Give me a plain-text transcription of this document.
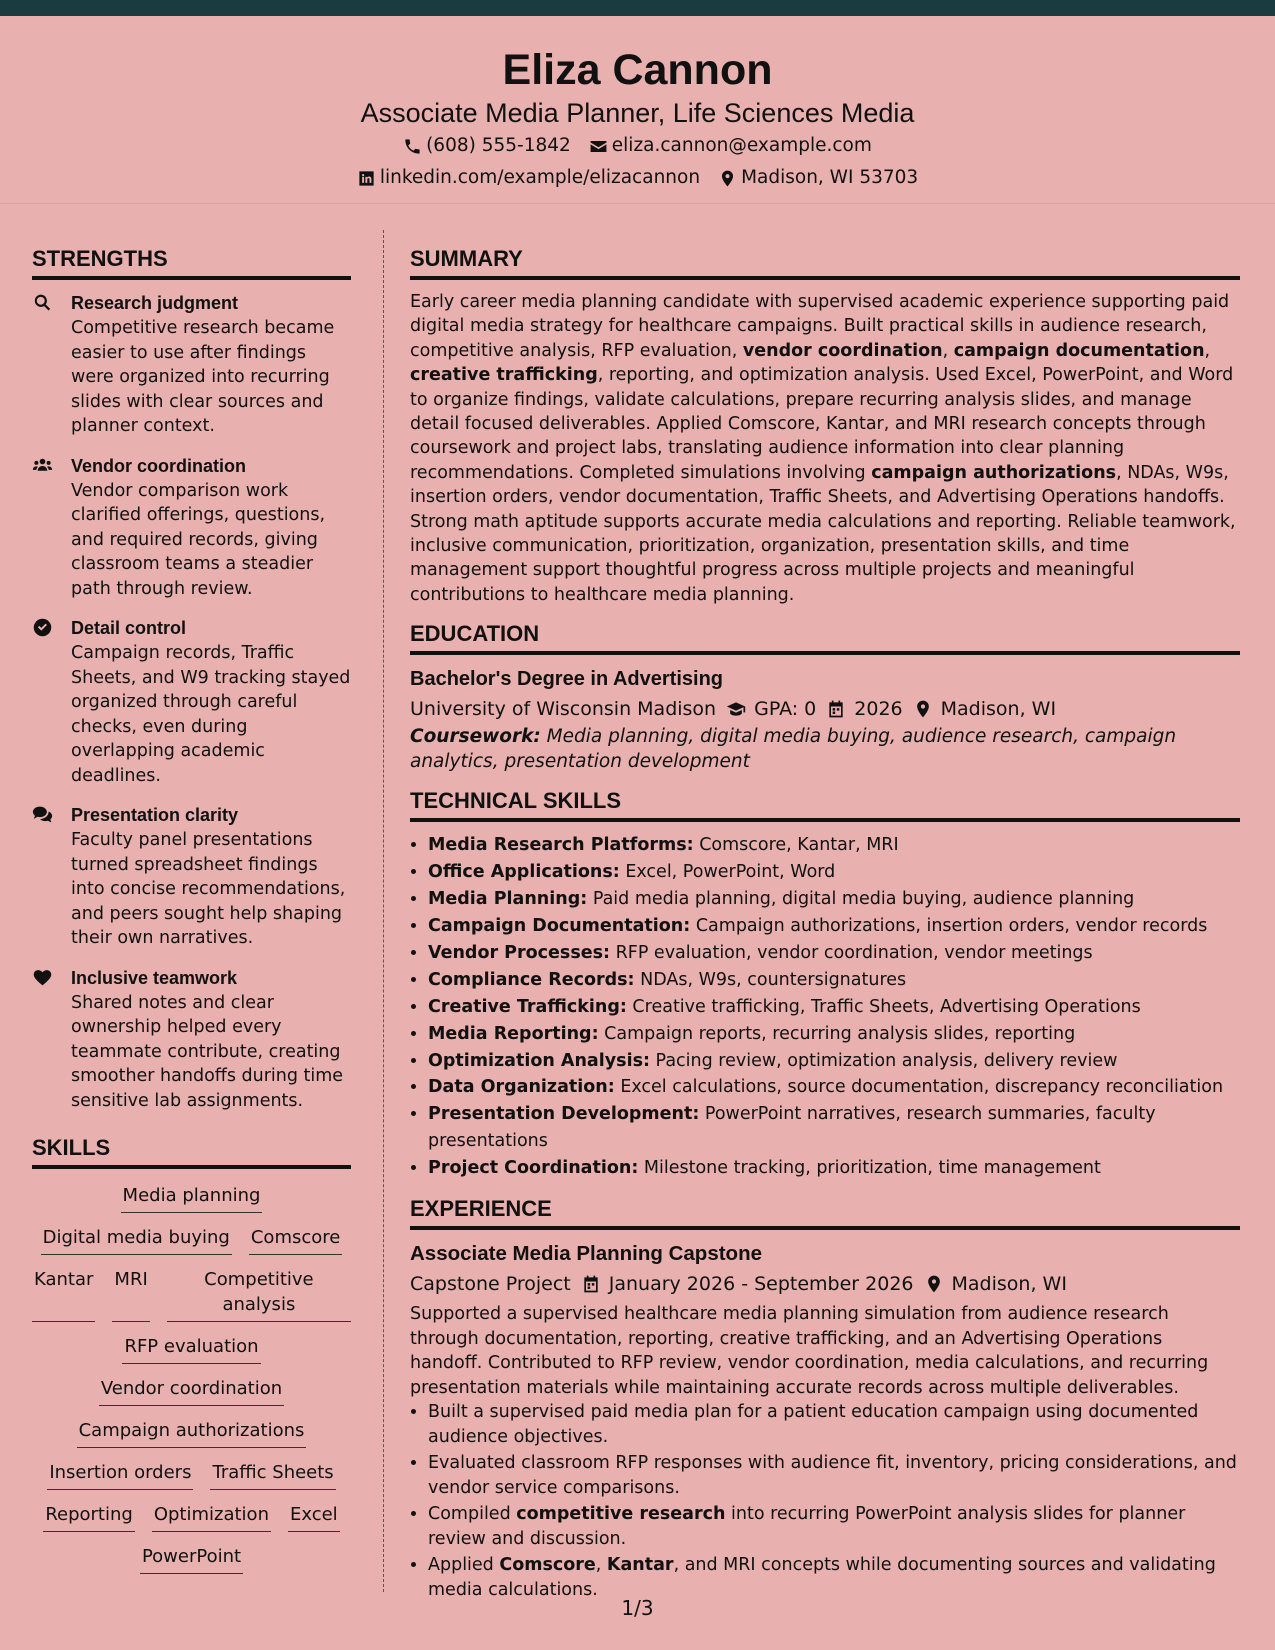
Eliza Cannon
Associate Media Planner, Life Sciences Media
(608) 555-1842 eliza.cannon@example.com
linkedin.com/example/elizacannon Madison, WI 53703
STRENGTHS
Research judgment
Competitive research became easier to use after findings were organized into recurring slides with clear sources and planner context.
Vendor coordination
Vendor comparison work clarified offerings, questions, and required records, giving classroom teams a steadier path through review.
Detail control
Campaign records, Traffic Sheets, and W9 tracking stayed organized through careful checks, even during overlapping academic deadlines.
Presentation clarity
Faculty panel presentations turned spreadsheet findings into concise recommendations, and peers sought help shaping their own narratives.
Inclusive teamwork
Shared notes and clear ownership helped every teammate contribute, creating smoother handoffs during time sensitive lab assignments.
SKILLS
Media planning
Digital media buying Comscore
Kantar MRI	Competitive analysis
RFP evaluation
Vendor coordination
Campaign authorizations
Insertion orders Traffic Sheets
Reporting Optimization Excel
PowerPoint
SUMMARY
Early career media planning candidate with supervised academic experience supporting paid digital media strategy for healthcare campaigns. Built practical skills in audience research, competitive analysis, RFP evaluation, vendor coordination, campaign documentation, creative trafficking, reporting, and optimization analysis. Used Excel, PowerPoint, and Word to organize findings, validate calculations, prepare recurring analysis slides, and manage detail focused deliverables. Applied Comscore, Kantar, and MRI research concepts through coursework and project labs, translating audience information into clear planning recommendations. Completed simulations involving campaign authorizations, NDAs, W9s, insertion orders, vendor documentation, Traffic Sheets, and Advertising Operations handoffs. Strong math aptitude supports accurate media calculations and reporting. Reliable teamwork, inclusive communication, prioritization, organization, presentation skills, and time management support thoughtful progress across multiple projects and meaningful contributions to healthcare media planning.
EDUCATION
Bachelor's Degree in Advertising
University of Wisconsin Madison GPA: 0 2026 Madison, WI
Coursework: Media planning, digital media buying, audience research, campaign analytics, presentation development
TECHNICAL SKILLS
• Media Research Platforms: Comscore, Kantar, MRI
• Office Applications: Excel, PowerPoint, Word
• Media Planning: Paid media planning, digital media buying, audience planning
• Campaign Documentation: Campaign authorizations, insertion orders, vendor records
• Vendor Processes: RFP evaluation, vendor coordination, vendor meetings
• Compliance Records: NDAs, W9s, countersignatures
• Creative Trafficking: Creative trafficking, Traffic Sheets, Advertising Operations
• Media Reporting: Campaign reports, recurring analysis slides, reporting
• Optimization Analysis: Pacing review, optimization analysis, delivery review
• Data Organization: Excel calculations, source documentation, discrepancy reconciliation
• Presentation Development: PowerPoint narratives, research summaries, faculty presentations
• Project Coordination: Milestone tracking, prioritization, time management
EXPERIENCE
Associate Media Planning Capstone
Capstone Project January 2026 - September 2026 Madison, WI
Supported a supervised healthcare media planning simulation from audience research through documentation, reporting, creative trafficking, and an Advertising Operations handoff. Contributed to RFP review, vendor coordination, media calculations, and recurring presentation materials while maintaining accurate records across multiple deliverables.
• Built a supervised paid media plan for a patient education campaign using documented audience objectives.
• Evaluated classroom RFP responses with audience fit, inventory, pricing considerations, and vendor service comparisons.
• Compiled competitive research into recurring PowerPoint analysis slides for planner review and discussion.
• Applied Comscore, Kantar, and MRI concepts while documenting sources and validating media calculations.
1/3
